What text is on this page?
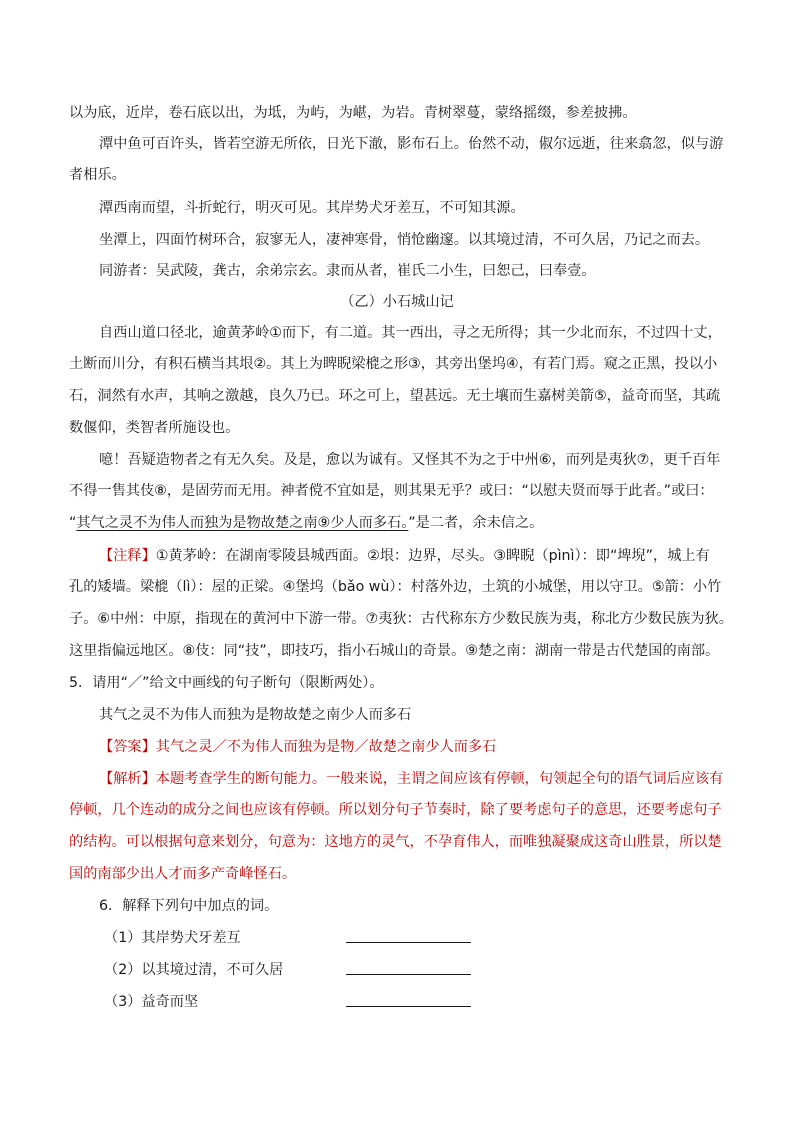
以为底，近岸，卷石底以出，为坻，为屿，为嵁，为岩。青树翠蔓，蒙络摇缀，参差披拂。
潭中鱼可百许头，皆若空游无所依，日光下澈，影布石上。佁然不动，俶尔远逝，往来翕忽，似与游
者相乐。
潭西南而望，斗折蛇行，明灭可见。其岸势犬牙差互，不可知其源。
坐潭上，四面竹树环合，寂寥无人，凄神寒骨，悄怆幽邃。以其境过清，不可久居，乃记之而去。
同游者：吴武陵，龚古，余弟宗玄。隶而从者，崔氏二小生，曰恕己，曰奉壹。
（乙）小石城山记
自西山道口径北，逾黄茅岭①而下，有二道。其一西出，寻之无所得；其一少北而东，不过四十丈，
土断而川分，有积石横当其垠②。其上为睥睨梁㮰之形③，其旁出堡坞④，有若门焉。窥之正黑，投以小
石，洞然有水声，其响之激越，良久乃已。环之可上，望甚远。无土壤而生嘉树美箭⑤，益奇而坚，其疏
数偃仰，类智者所施设也。
噫！吾疑造物者之有无久矣。及是，愈以为诚有。又怪其不为之于中州⑥，而列是夷狄⑦，更千百年
不得一售其伎⑧，是固劳而无用。神者傥不宜如是，则其果无乎？或曰：“以慰夫贤而辱于此者。”或曰：
“其气之灵不为伟人而独为是物故楚之南⑨少人而多石。”是二者，余未信之。
【注释】①黄茅岭：在湖南零陵县城西面。②垠：边界，尽头。③睥睨（pìnì）：即“埤堄”，城上有
孔的矮墙。梁㮰（lì）：屋的正梁。④堡坞（bǎo wù）：村落外边，土筑的小城堡，用以守卫。⑤箭：小竹
子。⑥中州：中原，指现在的黄河中下游一带。⑦夷狄：古代称东方少数民族为夷，称北方少数民族为狄。
这里指偏远地区。⑧伎：同“技”，即技巧，指小石城山的奇景。⑨楚之南：湖南一带是古代楚国的南部。
5．请用“／”给文中画线的句子断句（限断两处）。
其气之灵不为伟人而独为是物故楚之南少人而多石
【答案】其气之灵／不为伟人而独为是物／故楚之南少人而多石
【解析】本题考查学生的断句能力。一般来说，主谓之间应该有停顿，句领起全句的语气词后应该有
停顿，几个连动的成分之间也应该有停顿。所以划分句子节奏时，除了要考虑句子的意思，还要考虑句子
的结构。可以根据句意来划分，句意为：这地方的灵气，不孕育伟人，而唯独凝聚成这奇山胜景，所以楚
国的南部少出人才而多产奇峰怪石。
6．解释下列句中加点的词。
（1）其岸势犬牙差互
（2）以其境过清，不可久居
（3）益奇而坚
